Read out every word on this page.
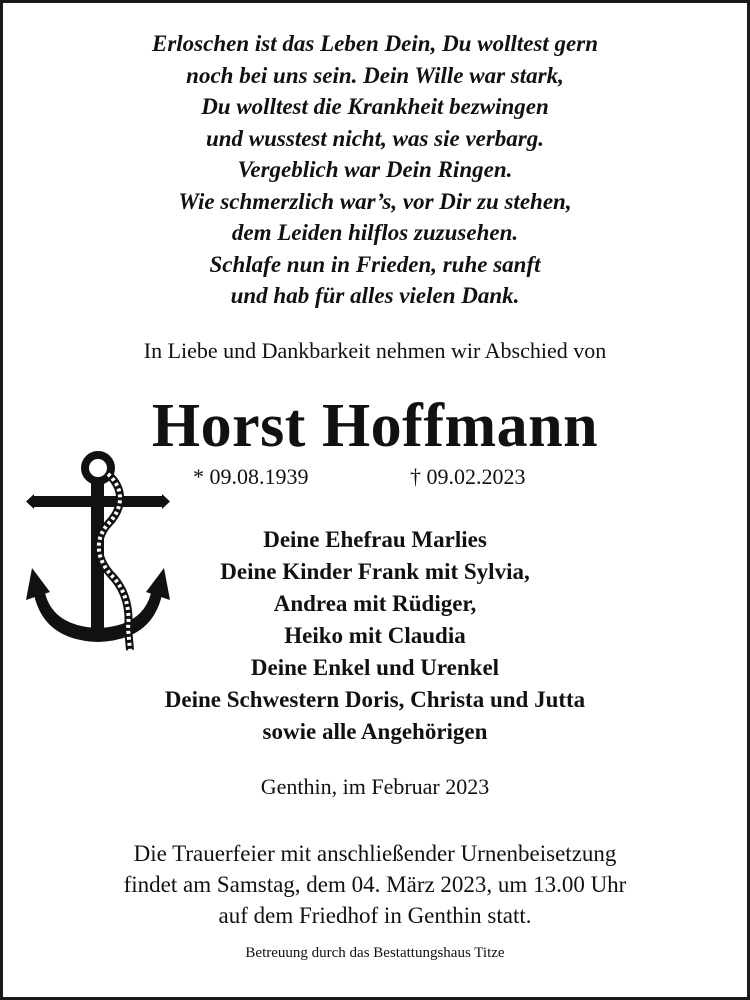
Erloschen ist das Leben Dein, Du wolltest gern
noch bei uns sein. Dein Wille war stark,
Du wolltest die Krankheit bezwingen
und wusstest nicht, was sie verbarg.
Vergeblich war Dein Ringen.
Wie schmerzlich war’s, vor Dir zu stehen,
dem Leiden hilflos zuzusehen.
Schlafe nun in Frieden, ruhe sanft
und hab für alles vielen Dank.
In Liebe und Dankbarkeit nehmen wir Abschied von
Horst Hoffmann
* 09.08.1939	† 09.02.2023
Deine Ehefrau Marlies
Deine Kinder Frank mit Sylvia,
Andrea mit Rüdiger,
Heiko mit Claudia
Deine Enkel und Urenkel
Deine Schwestern Doris, Christa und Jutta
sowie alle Angehörigen
Genthin, im Februar 2023
Die Trauerfeier mit anschließender Urnenbeisetzung
findet am Samstag, dem 04. März 2023, um 13.00 Uhr
auf dem Friedhof in Genthin statt.
Betreuung durch das Bestattungshaus Titze
